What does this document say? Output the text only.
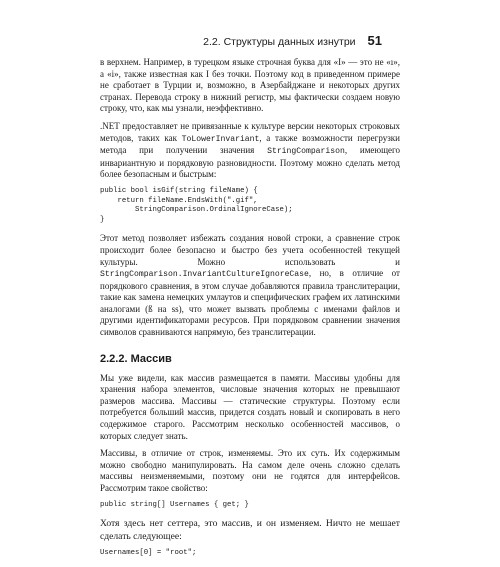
2.2. Структуры данных изнутри 51

в верхнем. Например, в турецком языке строчная буква для «I» — это не «ı», а «i», также известная как I без точки. Поэтому код в приведенном примере не сработает в Турции и, возможно, в Азербайджане и некоторых других странах. Перевода строку в нижний регистр, мы фактически создаем новую строку, что, как мы узнали, неэффективно.

.NET предоставляет не привязанные к культуре версии некоторых строковых методов, таких как ToLowerInvariant, а также возможности перегрузки метода при получении значения StringComparison, имеющего инвариантную и порядковую разновидности. Поэтому можно сделать метод более безопасным и быстрым:

public bool isGif(string fileName) {
return fileName.EndsWith(".gif",
StringComparison.OrdinalIgnoreCase);
}

Этот метод позволяет избежать создания новой строки, а сравнение строк происходит более безопасно и быстро без учета особенностей текущей культуры. Можно использовать и StringComparison.InvariantCultureIgnoreCase, но, в отличие от порядкового сравнения, в этом случае добавляются правила транслитерации, такие как замена немецких умлаутов и специфических графем их латинскими аналогами (ß на ss), что может вызвать проблемы с именами файлов и другими идентификаторами ресурсов. При порядковом сравнении значения символов сравниваются напрямую, без транслитерации.

2.2.2. Массив

Мы уже видели, как массив размещается в памяти. Массивы удобны для хранения набора элементов, числовые значения которых не превышают размеров массива. Массивы — статические структуры. Поэтому если потребуется больший массив, придется создать новый и скопировать в него содержимое старого. Рассмотрим несколько особенностей массивов, о которых следует знать.

Массивы, в отличие от строк, изменяемы. Это их суть. Их содержимым можно свободно манипулировать. На самом деле очень сложно сделать массивы неизменяемыми, поэтому они не годятся для интерфейсов. Рассмотрим такое свойство:

public string[] Usernames { get; }

Хотя здесь нет сеттера, это массив, и он изменяем. Ничто не мешает сделать следующее:

Usernames[0] = "root";
